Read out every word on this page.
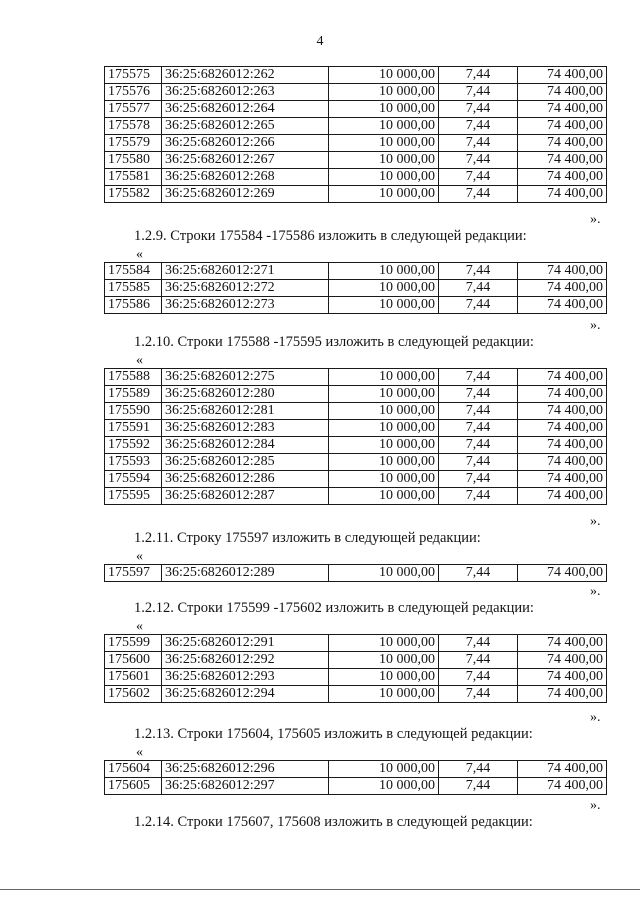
4
175575	36:25:6826012:262	10 000,00	7,44	74 400,00
175576	36:25:6826012:263	10 000,00	7,44	74 400,00
175577	36:25:6826012:264	10 000,00	7,44	74 400,00
175578	36:25:6826012:265	10 000,00	7,44	74 400,00
175579	36:25:6826012:266	10 000,00	7,44	74 400,00
175580	36:25:6826012:267	10 000,00	7,44	74 400,00
175581	36:25:6826012:268	10 000,00	7,44	74 400,00
175582	36:25:6826012:269	10 000,00	7,44	74 400,00
».
1.2.9. Строки 175584 -175586 изложить в следующей редакции:
«
175584	36:25:6826012:271	10 000,00	7,44	74 400,00
175585	36:25:6826012:272	10 000,00	7,44	74 400,00
175586	36:25:6826012:273	10 000,00	7,44	74 400,00
».
1.2.10. Строки 175588 -175595 изложить в следующей редакции:
«
175588	36:25:6826012:275	10 000,00	7,44	74 400,00
175589	36:25:6826012:280	10 000,00	7,44	74 400,00
175590	36:25:6826012:281	10 000,00	7,44	74 400,00
175591	36:25:6826012:283	10 000,00	7,44	74 400,00
175592	36:25:6826012:284	10 000,00	7,44	74 400,00
175593	36:25:6826012:285	10 000,00	7,44	74 400,00
175594	36:25:6826012:286	10 000,00	7,44	74 400,00
175595	36:25:6826012:287	10 000,00	7,44	74 400,00
».
1.2.11. Строку 175597 изложить в следующей редакции:
«
175597	36:25:6826012:289	10 000,00	7,44	74 400,00
».
1.2.12. Строки 175599 -175602 изложить в следующей редакции:
«
175599	36:25:6826012:291	10 000,00	7,44	74 400,00
175600	36:25:6826012:292	10 000,00	7,44	74 400,00
175601	36:25:6826012:293	10 000,00	7,44	74 400,00
175602	36:25:6826012:294	10 000,00	7,44	74 400,00
».
1.2.13. Строки 175604, 175605 изложить в следующей редакции:
«
175604	36:25:6826012:296	10 000,00	7,44	74 400,00
175605	36:25:6826012:297	10 000,00	7,44	74 400,00
».
1.2.14. Строки 175607, 175608 изложить в следующей редакции:
